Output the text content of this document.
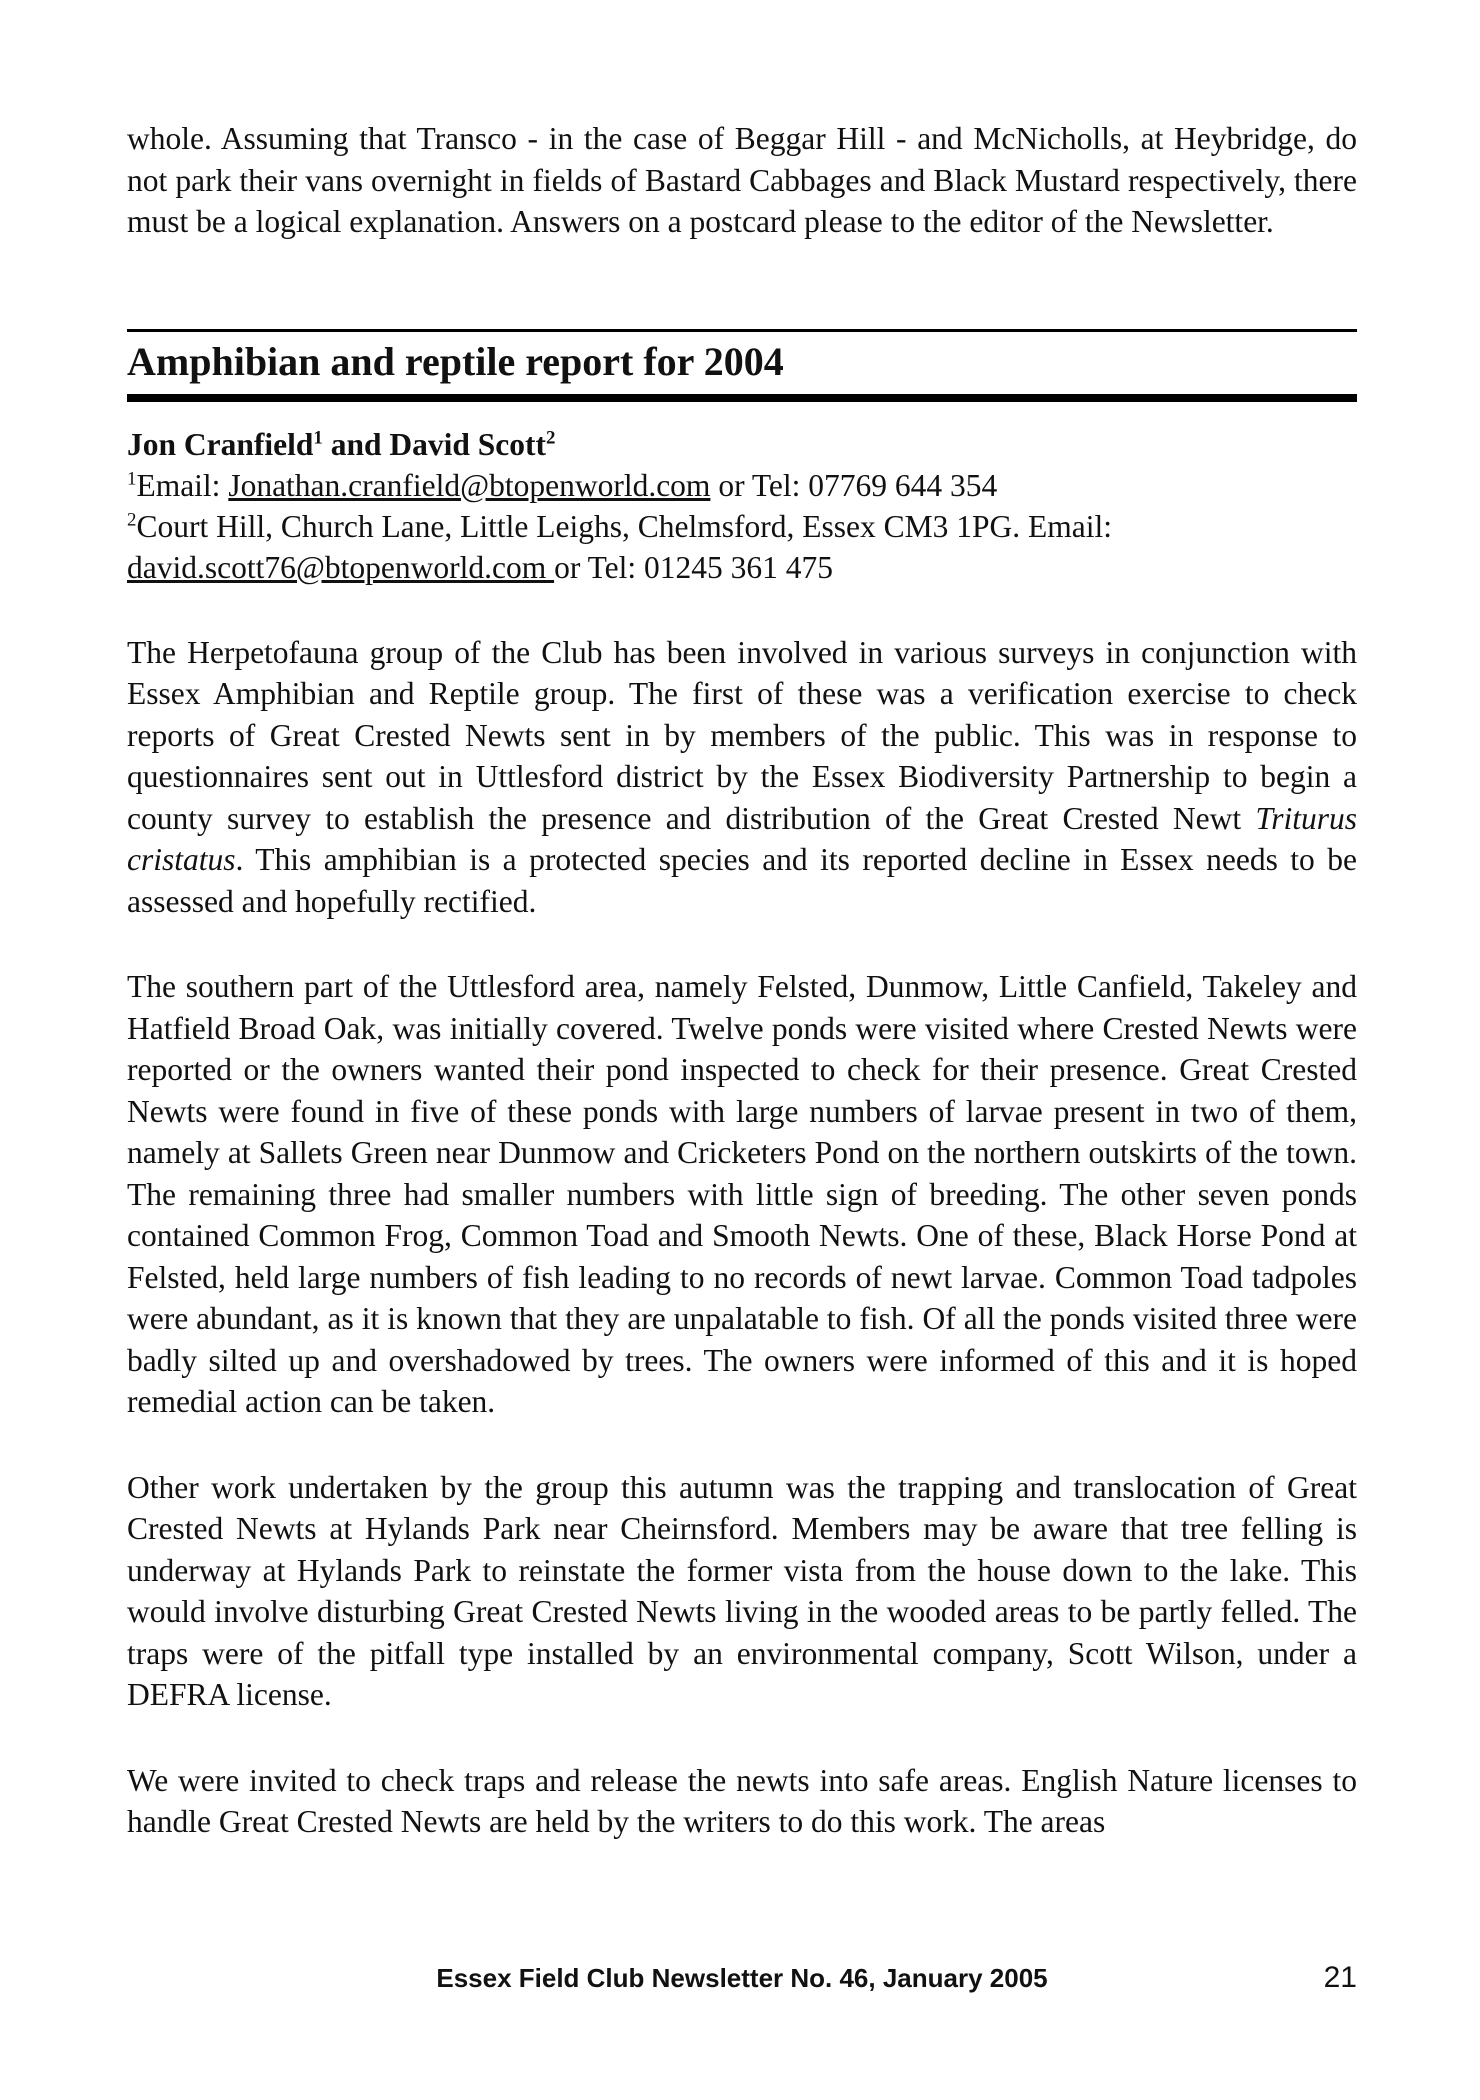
whole. Assuming that Transco - in the case of Beggar Hill - and McNicholls, at Heybridge, do not park their vans overnight in fields of Bastard Cabbages and Black Mustard respectively, there must be a logical explanation. Answers on a postcard please to the editor of the Newsletter.

Amphibian and reptile report for 2004
Jon Cranfield$^1$ and David Scott$^2$

$^1$Email: Jonathan.cranfield@btopenworld.com or Tel: 07769 644 354

$^2$Court Hill, Church Lane, Little Leighs, Chelmsford, Essex CM3 1PG. Email:
david.scott76@btopenworld.com or Tel: 01245 361 475

The Herpetofauna group of the Club has been involved in various surveys in conjunction with Essex Amphibian and Reptile group. The first of these was a verification exercise to check reports of Great Crested Newts sent in by members of the public. This was in response to questionnaires sent out in Uttlesford district by the Essex Biodiversity Partnership to begin a county survey to establish the presence and distribution of the Great Crested Newt Triturus cristatus. This amphibian is a protected species and its reported decline in Essex needs to be assessed and hopefully rectified.

The southern part of the Uttlesford area, namely Felsted, Dunmow, Little Canfield, Takeley and Hatfield Broad Oak, was initially covered. Twelve ponds were visited where Crested Newts were reported or the owners wanted their pond inspected to check for their presence. Great Crested Newts were found in five of these ponds with large numbers of larvae present in two of them, namely at Sallets Green near Dunmow and Cricketers Pond on the northern outskirts of the town. The remaining three had smaller numbers with little sign of breeding. The other seven ponds contained Common Frog, Common Toad and Smooth Newts. One of these, Black Horse Pond at Felsted, held large numbers of fish leading to no records of newt larvae. Common Toad tadpoles were abundant, as it is known that they are unpalatable to fish. Of all the ponds visited three were badly silted up and overshadowed by trees. The owners were informed of this and it is hoped remedial action can be taken.

Other work undertaken by the group this autumn was the trapping and translocation of Great Crested Newts at Hylands Park near Cheirnsford. Members may be aware that tree felling is underway at Hylands Park to reinstate the former vista from the house down to the lake. This would involve disturbing Great Crested Newts living in the wooded areas to be partly felled. The traps were of the pitfall type installed by an environmental company, Scott Wilson, under a DEFRA license.

We were invited to check traps and release the newts into safe areas. English Nature licenses to handle Great Crested Newts are held by the writers to do this work. The areas

Essex Field Club Newsletter No. 46, January 2005	21
